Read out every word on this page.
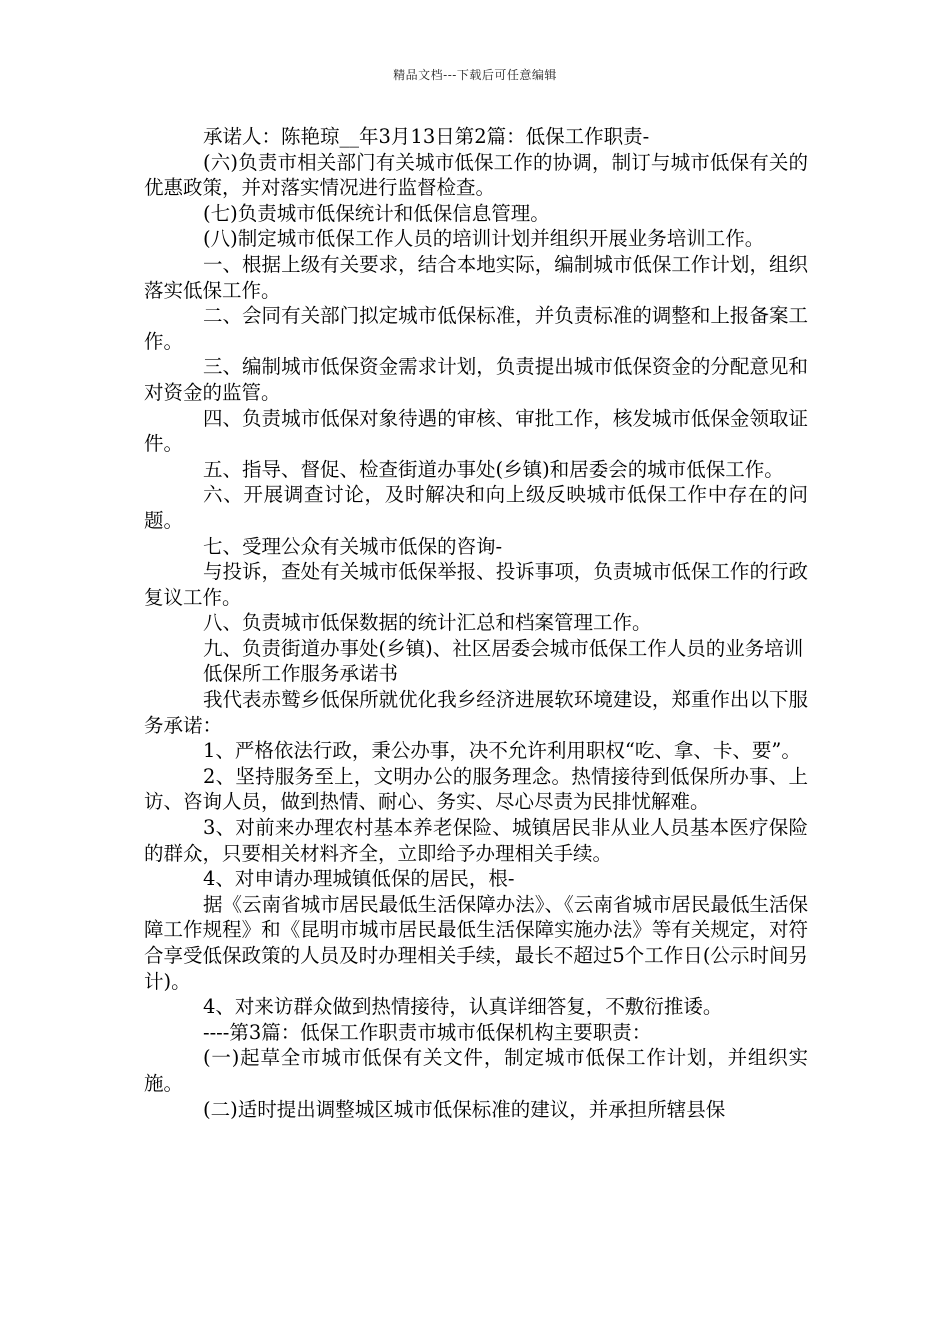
精品文档---下载后可任意编辑

承诺人：陈艳琼__年3月13日第2篇：低保工作职责-

(六)负责市相关部门有关城市低保工作的协调，制订与城市低保有关的优惠政策，并对落实情况进行监督检查。

(七)负责城市低保统计和低保信息管理。

(八)制定城市低保工作人员的培训计划并组织开展业务培训工作。

一、根据上级有关要求，结合本地实际，编制城市低保工作计划，组织落实低保工作。

二、会同有关部门拟定城市低保标准，并负责标准的调整和上报备案工作。

三、编制城市低保资金需求计划，负责提出城市低保资金的分配意见和对资金的监管。

四、负责城市低保对象待遇的审核、审批工作，核发城市低保金领取证件。

五、指导、督促、检查街道办事处(乡镇)和居委会的城市低保工作。

六、开展调查讨论，及时解决和向上级反映城市低保工作中存在的问题。

七、受理公众有关城市低保的咨询-

与投诉，查处有关城市低保举报、投诉事项，负责城市低保工作的行政复议工作。

八、负责城市低保数据的统计汇总和档案管理工作。

九、负责街道办事处(乡镇)、社区居委会城市低保工作人员的业务培训

低保所工作服务承诺书

我代表赤鹫乡低保所就优化我乡经济进展软环境建设，郑重作出以下服务承诺：

1、严格依法行政，秉公办事，决不允许利用职权“吃、拿、卡、要”。

2、坚持服务至上，文明办公的服务理念。热情接待到低保所办事、上访、咨询人员，做到热情、耐心、务实、尽心尽责为民排忧解难。

3、对前来办理农村基本养老保险、城镇居民非从业人员基本医疗保险的群众，只要相关材料齐全，立即给予办理相关手续。

4、对申请办理城镇低保的居民，根-

据《云南省城市居民最低生活保障办法》、《云南省城市居民最低生活保障工作规程》和《昆明市城市居民最低生活保障实施办法》等有关规定，对符合享受低保政策的人员及时办理相关手续，最长不超过5个工作日(公示时间另计)。

4、对来访群众做到热情接待，认真详细答复，不敷衍推诿。

----第3篇：低保工作职责市城市低保机构主要职责：

(一)起草全市城市低保有关文件，制定城市低保工作计划，并组织实施。

(二)适时提出调整城区城市低保标准的建议，并承担所辖县保
